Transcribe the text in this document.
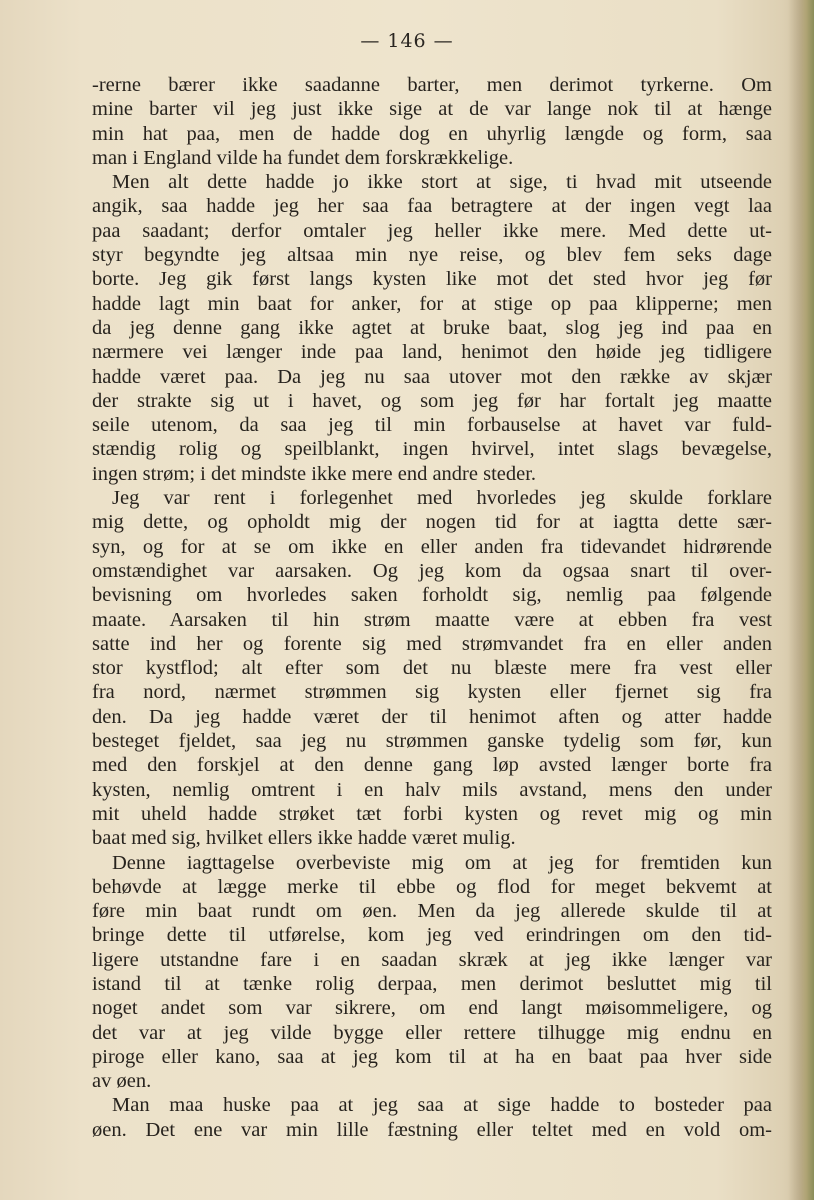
— 146 —
-rerne bærer ikke saadanne barter, men derimot tyrkerne. Om
mine barter vil jeg just ikke sige at de var lange nok til at hænge
min hat paa, men de hadde dog en uhyrlig længde og form, saa
man i England vilde ha fundet dem forskrækkelige.
Men alt dette hadde jo ikke stort at sige, ti hvad mit utseende
angik, saa hadde jeg her saa faa betragtere at der ingen vegt laa
paa saadant; derfor omtaler jeg heller ikke mere. Med dette ut-
styr begyndte jeg altsaa min nye reise, og blev fem seks dage
borte. Jeg gik først langs kysten like mot det sted hvor jeg før
hadde lagt min baat for anker, for at stige op paa klipperne; men
da jeg denne gang ikke agtet at bruke baat, slog jeg ind paa en
nærmere vei længer inde paa land, henimot den høide jeg tidligere
hadde været paa. Da jeg nu saa utover mot den række av skjær
der strakte sig ut i havet, og som jeg før har fortalt jeg maatte
seile utenom, da saa jeg til min forbauselse at havet var fuld-
stændig rolig og speilblankt, ingen hvirvel, intet slags bevægelse,
ingen strøm; i det mindste ikke mere end andre steder.
Jeg var rent i forlegenhet med hvorledes jeg skulde forklare
mig dette, og opholdt mig der nogen tid for at iagtta dette sær-
syn, og for at se om ikke en eller anden fra tidevandet hidrørende
omstændighet var aarsaken. Og jeg kom da ogsaa snart til over-
bevisning om hvorledes saken forholdt sig, nemlig paa følgende
maate. Aarsaken til hin strøm maatte være at ebben fra vest
satte ind her og forente sig med strømvandet fra en eller anden
stor kystflod; alt efter som det nu blæste mere fra vest eller
fra nord, nærmet strømmen sig kysten eller fjernet sig fra
den. Da jeg hadde været der til henimot aften og atter hadde
besteget fjeldet, saa jeg nu strømmen ganske tydelig som før, kun
med den forskjel at den denne gang løp avsted længer borte fra
kysten, nemlig omtrent i en halv mils avstand, mens den under
mit uheld hadde strøket tæt forbi kysten og revet mig og min
baat med sig, hvilket ellers ikke hadde været mulig.
Denne iagttagelse overbeviste mig om at jeg for fremtiden kun
behøvde at lægge merke til ebbe og flod for meget bekvemt at
føre min baat rundt om øen. Men da jeg allerede skulde til at
bringe dette til utførelse, kom jeg ved erindringen om den tid-
ligere utstandne fare i en saadan skræk at jeg ikke længer var
istand til at tænke rolig derpaa, men derimot besluttet mig til
noget andet som var sikrere, om end langt møisommeligere, og
det var at jeg vilde bygge eller rettere tilhugge mig endnu en
piroge eller kano, saa at jeg kom til at ha en baat paa hver side
av øen.
Man maa huske paa at jeg saa at sige hadde to bosteder paa
øen. Det ene var min lille fæstning eller teltet med en vold om-
